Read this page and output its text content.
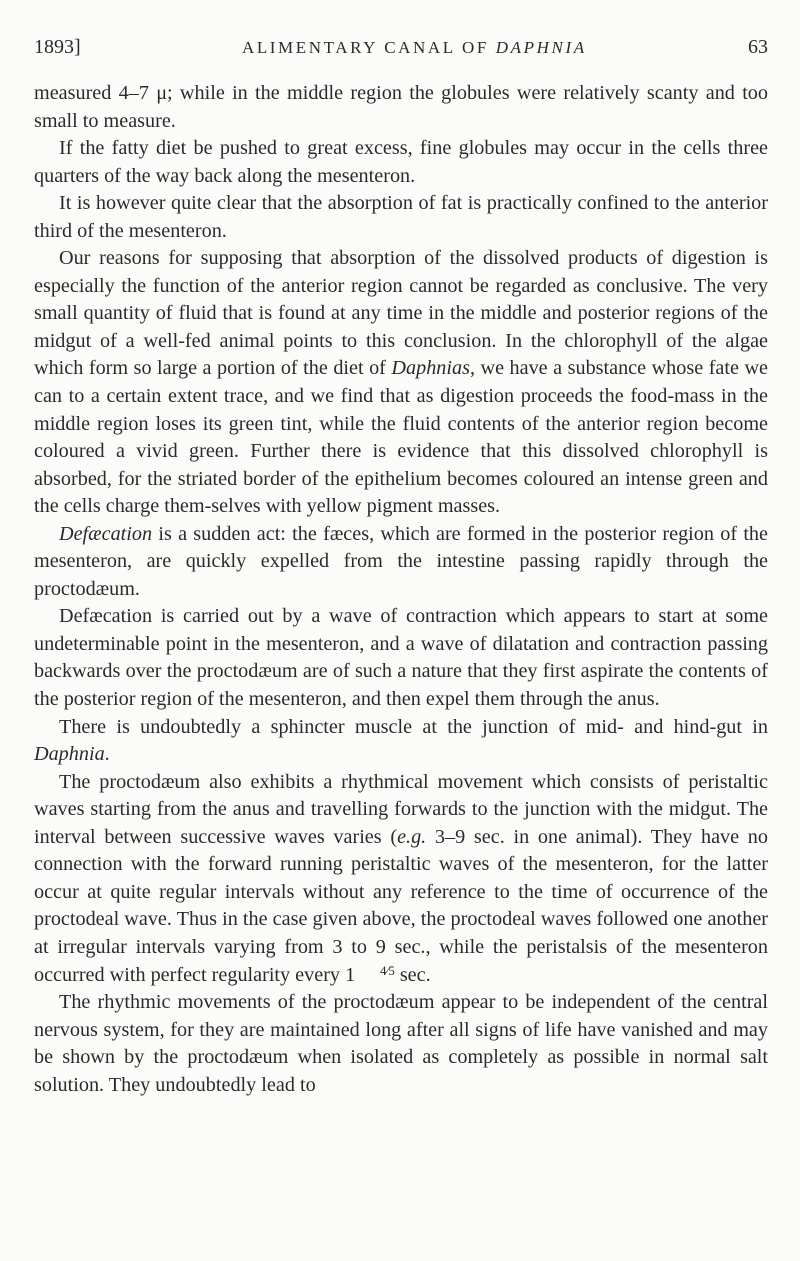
1893]	ALIMENTARY CANAL OF DAPHNIA	63

measured 4–7 μ; while in the middle region the globules were relatively scanty and too small to measure.

If the fatty diet be pushed to great excess, fine globules may occur in the cells three quarters of the way back along the mesenteron.

It is however quite clear that the absorption of fat is practically confined to the anterior third of the mesenteron.

Our reasons for supposing that absorption of the dissolved products of digestion is especially the function of the anterior region cannot be regarded as conclusive. The very small quantity of fluid that is found at any time in the middle and posterior regions of the midgut of a well-fed animal points to this conclusion. In the chlorophyll of the algae which form so large a portion of the diet of Daphnias, we have a substance whose fate we can to a certain extent trace, and we find that as digestion proceeds the food-mass in the middle region loses its green tint, while the fluid contents of the anterior region become coloured a vivid green. Further there is evidence that this dissolved chlorophyll is absorbed, for the striated border of the epithelium becomes coloured an intense green and the cells charge them-selves with yellow pigment masses.

Defæcation is a sudden act: the fæces, which are formed in the posterior region of the mesenteron, are quickly expelled from the intestine passing rapidly through the proctodæum.

Defæcation is carried out by a wave of contraction which appears to start at some undeterminable point in the mesenteron, and a wave of dilatation and contraction passing backwards over the proctodæum are of such a nature that they first aspirate the contents of the posterior region of the mesenteron, and then expel them through the anus.

There is undoubtedly a sphincter muscle at the junction of mid- and hind-gut in Daphnia.

The proctodæum also exhibits a rhythmical movement which consists of peristaltic waves starting from the anus and travelling forwards to the junction with the midgut. The interval between successive waves varies (e.g. 3–9 sec. in one animal). They have no connection with the forward running peristaltic waves of the mesenteron, for the latter occur at quite regular intervals without any reference to the time of occurrence of the proctodeal wave. Thus in the case given above, the proctodeal waves followed one another at irregular intervals varying from 3 to 9 sec., while the peristalsis of the mesenteron occurred with perfect regularity every 1 4⁄5 sec.

The rhythmic movements of the proctodæum appear to be independent of the central nervous system, for they are maintained long after all signs of life have vanished and may be shown by the proctodæum when isolated as completely as possible in normal salt solution. They undoubtedly lead to
